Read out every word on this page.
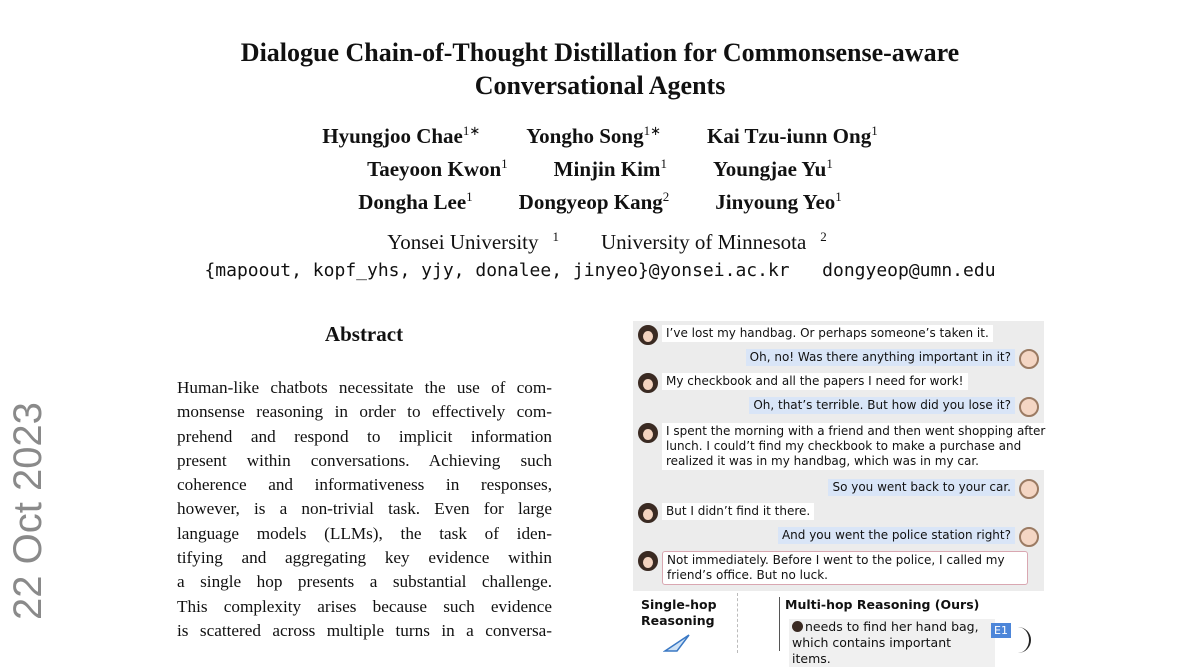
Dialogue Chain-of-Thought Distillation for Commonsense-aware
Conversational Agents
Hyungjoo Chae$^{1∗}$ Yongho Song$^{1∗}$ Kai Tzu-iunn Ong$^1$
Taeyoon Kwon$^1$ Minjin Kim$^1$ Youngjae Yu$^1$
Dongha Lee$^1$ Dongyeop Kang$^2$ Jinyoung Yeo$^1$
Yonsei University $^1$ University of Minnesota $^2$
{mapoout, kopf_yhs, yjy, donalee, jinyeo}@yonsei.ac.kr   dongyeop@umn.edu
22 Oct 2023
Abstract
Human-like chatbots necessitate the use of com-
monsense reasoning in order to effectively com-
prehend and respond to implicit information
present within conversations. Achieving such
coherence and informativeness in responses,
however, is a non-trivial task. Even for large
language models (LLMs), the task of iden-
tifying and aggregating key evidence within
a single hop presents a substantial challenge.
This complexity arises because such evidence
is scattered across multiple turns in a conversa-
I’ve lost my handbag. Or perhaps someone’s taken it.
Oh, no! Was there anything important in it?
My checkbook and all the papers I need for work!
Oh, that’s terrible. But how did you lose it?
I spent the morning with a friend and then went shopping after lunch. I could’t find my checkbook to make a purchase and realized it was in my handbag, which was in my car.
So you went back to your car.
But I didn’t find it there.
And you went the police station right?
Not immediately. Before I went to the police, I called my friend’s office. But no luck.
Single-hop
Reasoning
Multi-hop Reasoning (Ours)
needs to find her hand bag, which contains important items.
E1
